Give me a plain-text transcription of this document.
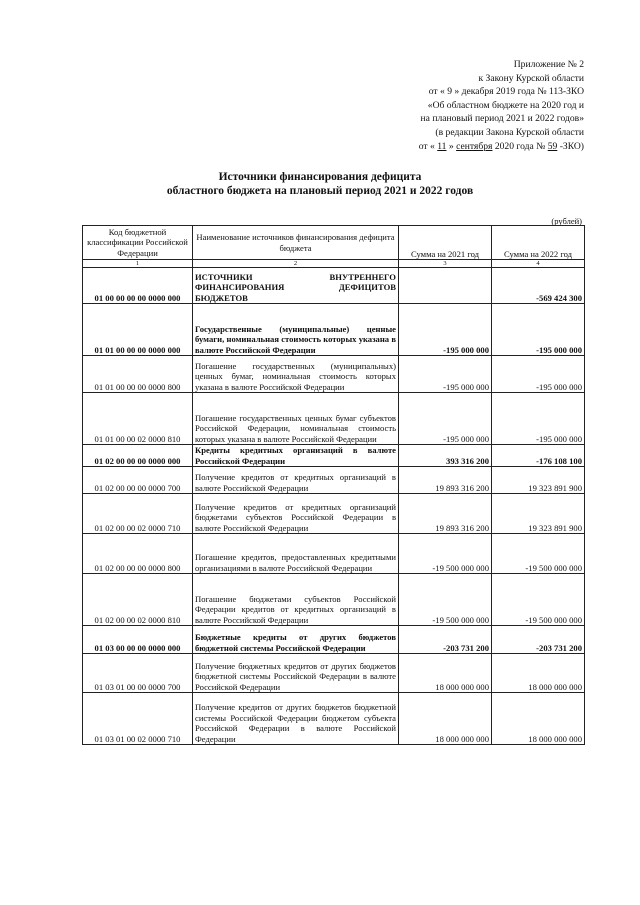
Приложение № 2
к Закону Курской области
от « 9 » декабря 2019 года № 113-ЗКО
«Об областном бюджете на 2020 год и
на плановый период 2021 и 2022 годов»
(в редакции Закона Курской области
от « 11 » сентября 2020 года № 59 -ЗКО)
Источники финансирования дефицита
областного бюджета на плановый период 2021 и 2022 годов
(рублей)
Код бюджетной классификации Российской Федерации	Наименование источников финансирования дефицита бюджета	Сумма на 2021 год	Сумма на 2022 год
1	2	3	4
01 00 00 00 00 0000 000	ИСТОЧНИКИ ВНУТРЕННЕГО ФИНАНСИРОВАНИЯ ДЕФИЦИТОВ БЮДЖЕТОВ		-569 424 300
01 01 00 00 00 0000 000	Государственные (муниципальные) ценные бумаги, номинальная стоимость которых указана в валюте Российской Федерации	-195 000 000	-195 000 000
01 01 00 00 00 0000 800	Погашение государственных (муниципальных) ценных бумаг, номинальная стоимость которых указана в валюте Российской Федерации	-195 000 000	-195 000 000
01 01 00 00 02 0000 810	Погашение государственных ценных бумаг субъектов Российской Федерации, номинальная стоимость которых указана в валюте Российской Федерации	-195 000 000	-195 000 000
01 02 00 00 00 0000 000	Кредиты кредитных организаций в валюте Российской Федерации	393 316 200	-176 108 100
01 02 00 00 00 0000 700	Получение кредитов от кредитных организаций в валюте Российской Федерации	19 893 316 200	19 323 891 900
01 02 00 00 02 0000 710	Получение кредитов от кредитных организаций бюджетами субъектов Российской Федерации в валюте Российской Федерации	19 893 316 200	19 323 891 900
01 02 00 00 00 0000 800	Погашение кредитов, предоставленных кредитными организациями в валюте Российской Федерации	-19 500 000 000	-19 500 000 000
01 02 00 00 02 0000 810	Погашение бюджетами субъектов Российской Федерации кредитов от кредитных организаций в валюте Российской Федерации	-19 500 000 000	-19 500 000 000
01 03 00 00 00 0000 000	Бюджетные кредиты от других бюджетов бюджетной системы Российской Федерации	-203 731 200	-203 731 200
01 03 01 00 00 0000 700	Получение бюджетных кредитов от других бюджетов бюджетной системы Российской Федерации в валюте Российской Федерации	18 000 000 000	18 000 000 000
01 03 01 00 02 0000 710	Получение кредитов от других бюджетов бюджетной системы Российской Федерации бюджетом субъекта Российской Федерации в валюте Российской Федерации	18 000 000 000	18 000 000 000
